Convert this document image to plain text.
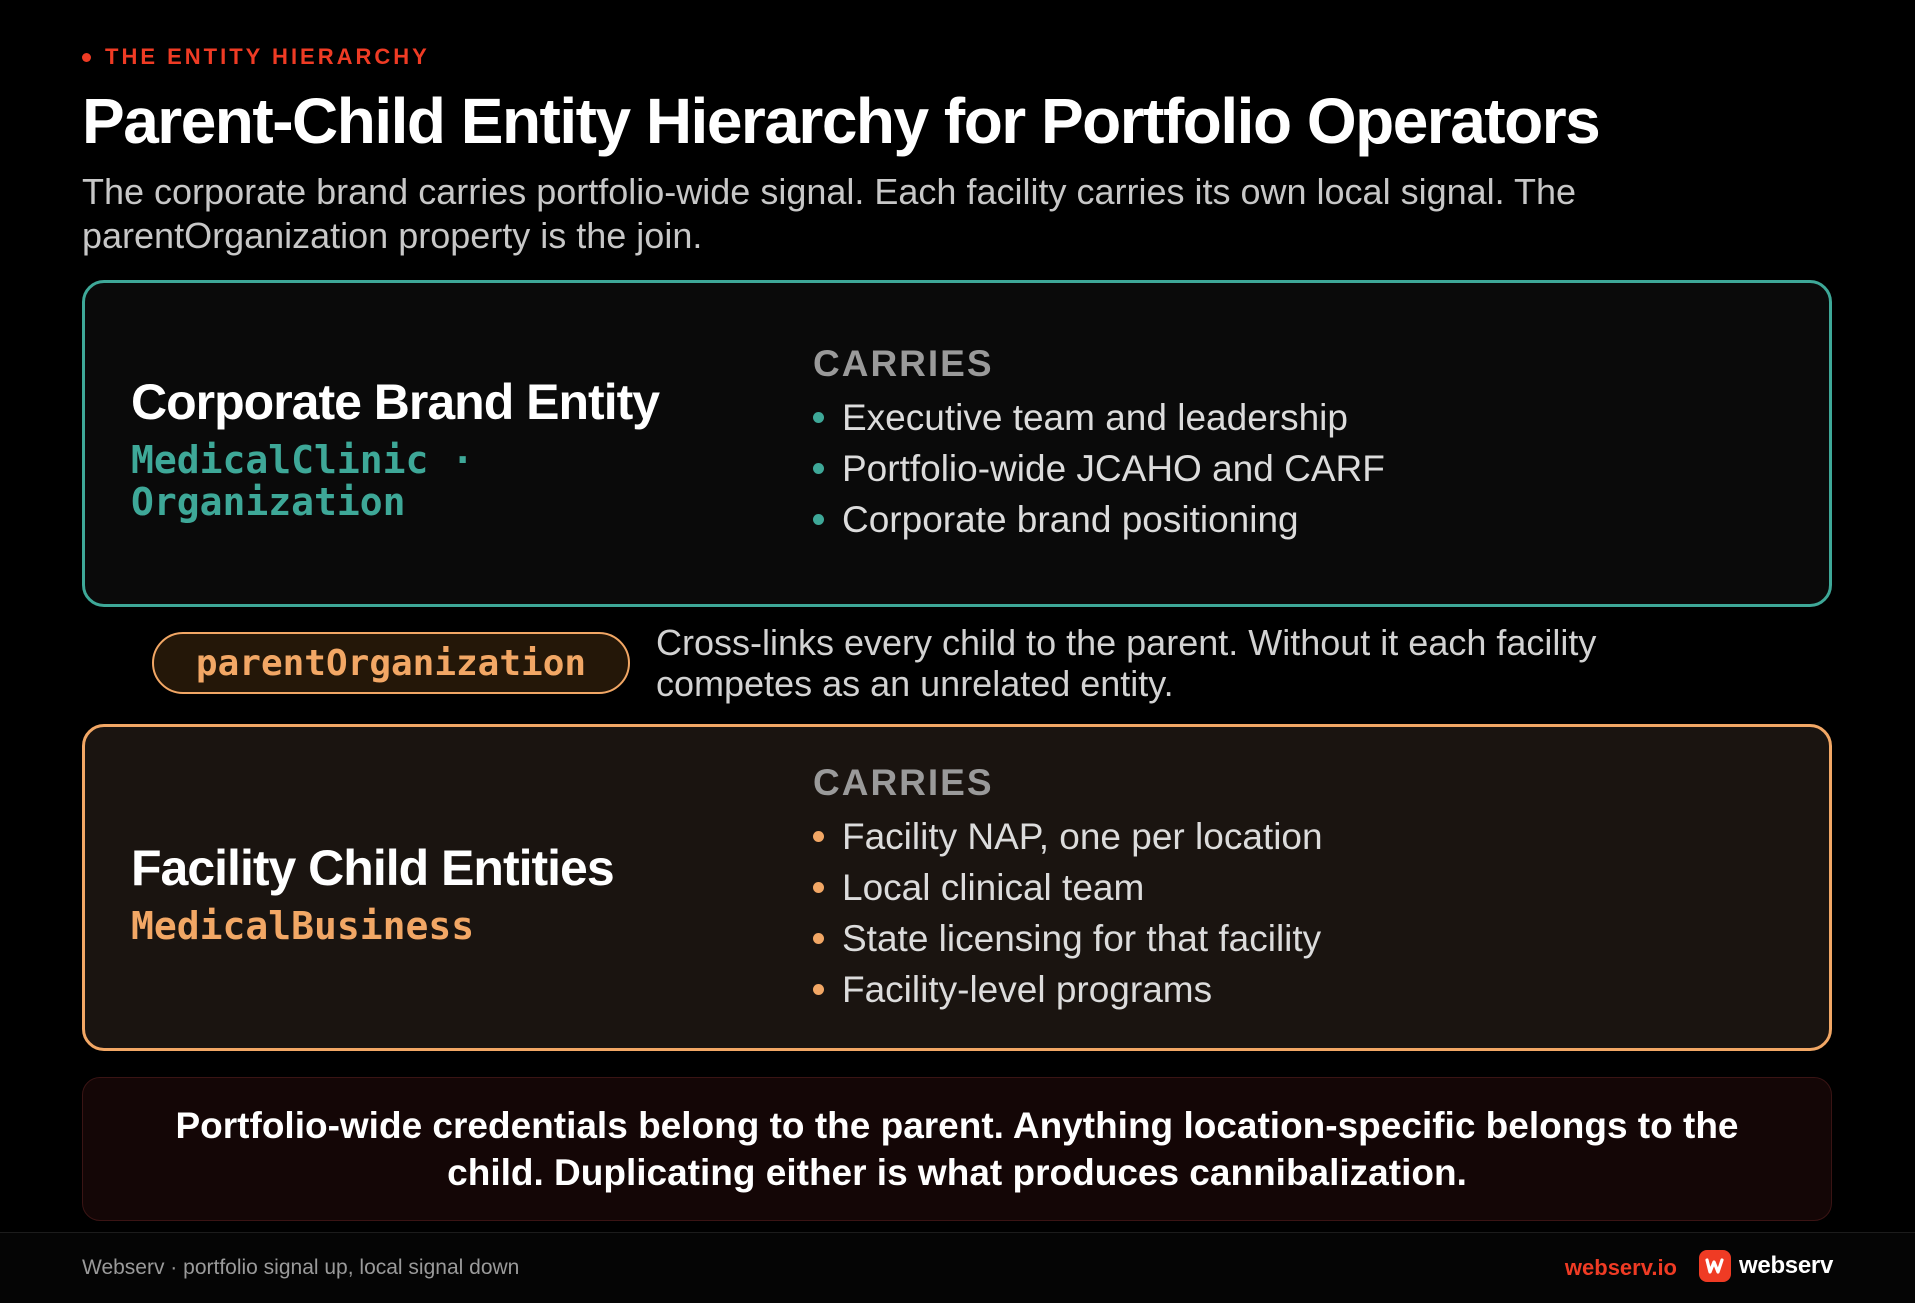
THE ENTITY HIERARCHY
Parent-Child Entity Hierarchy for Portfolio Operators

The corporate brand carries portfolio-wide signal. Each facility carries its own local signal. The parentOrganization property is the join.

Corporate Brand Entity
MedicalClinic · Organization
CARRIES
Executive team and leadership
Portfolio-wide JCAHO and CARF
Corporate brand positioning
parentOrganization	Cross-links every child to the parent. Without it each facility competes as an unrelated entity.
Facility Child Entities
MedicalBusiness
CARRIES
Facility NAP, one per location
Local clinical team
State licensing for that facility
Facility-level programs
Portfolio-wide credentials belong to the parent. Anything location-specific belongs to the child. Duplicating either is what produces cannibalization.
Webserv · portfolio signal up, local signal down	webserv.io	webserv
